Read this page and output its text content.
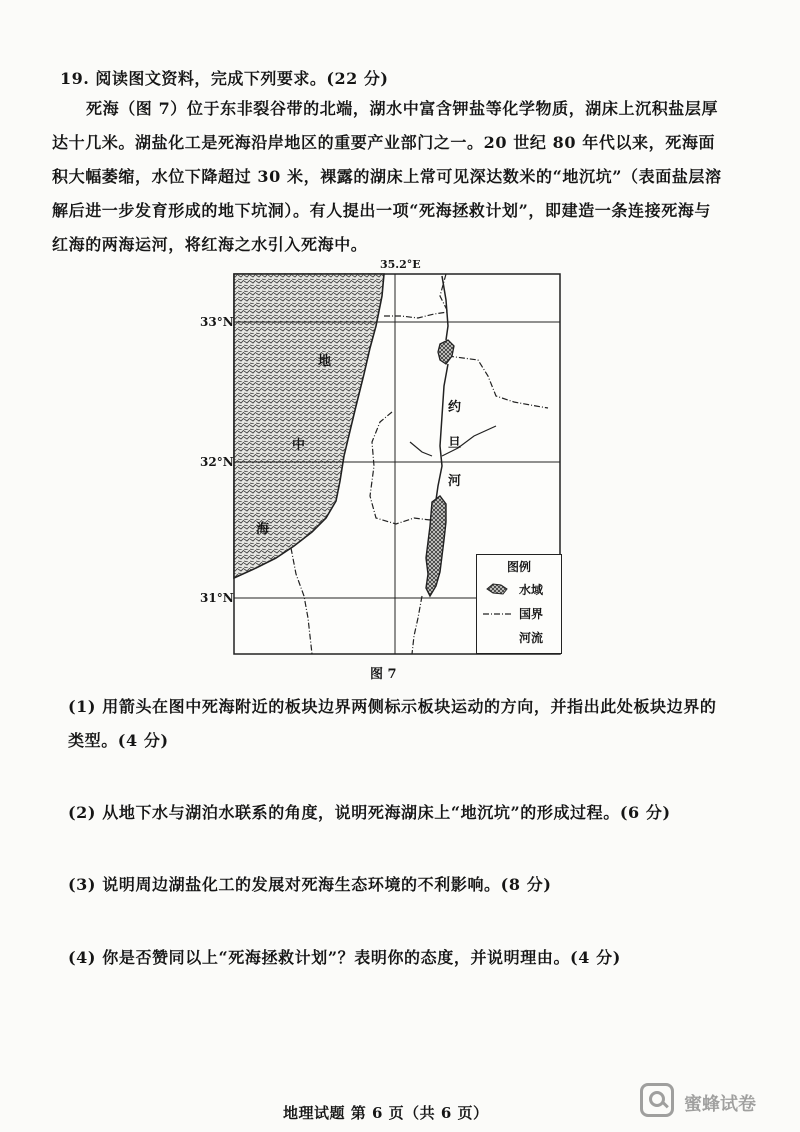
19. 阅读图文资料，完成下列要求。(22 分)
死海（图 7）位于东非裂谷带的北端，湖水中富含钾盐等化学物质，湖床上沉积盐层厚达十几米。湖盐化工是死海沿岸地区的重要产业部门之一。20 世纪 80 年代以来，死海面积大幅萎缩，水位下降超过 30 米，裸露的湖床上常可见深达数米的“地沉坑”（表面盐层溶解后进一步发育形成的地下坑洞）。有人提出一项“死海拯救计划”，即建造一条连接死海与红海的两海运河，将红海之水引入死海中。
35.2°E
33°N
32°N
31°N
地
中
海
约
旦
河
图例
水域
国界
河流
图 7
(1) 用箭头在图中死海附近的板块边界两侧标示板块运动的方向，并指出此处板块边界的类型。(4 分)
(2) 从地下水与湖泊水联系的角度，说明死海湖床上“地沉坑”的形成过程。(6 分)
(3) 说明周边湖盐化工的发展对死海生态环境的不利影响。(8 分)
(4) 你是否赞同以上“死海拯救计划”？表明你的态度，并说明理由。(4 分)
地理试题 第 6 页（共 6 页）	蜜蜂试卷
